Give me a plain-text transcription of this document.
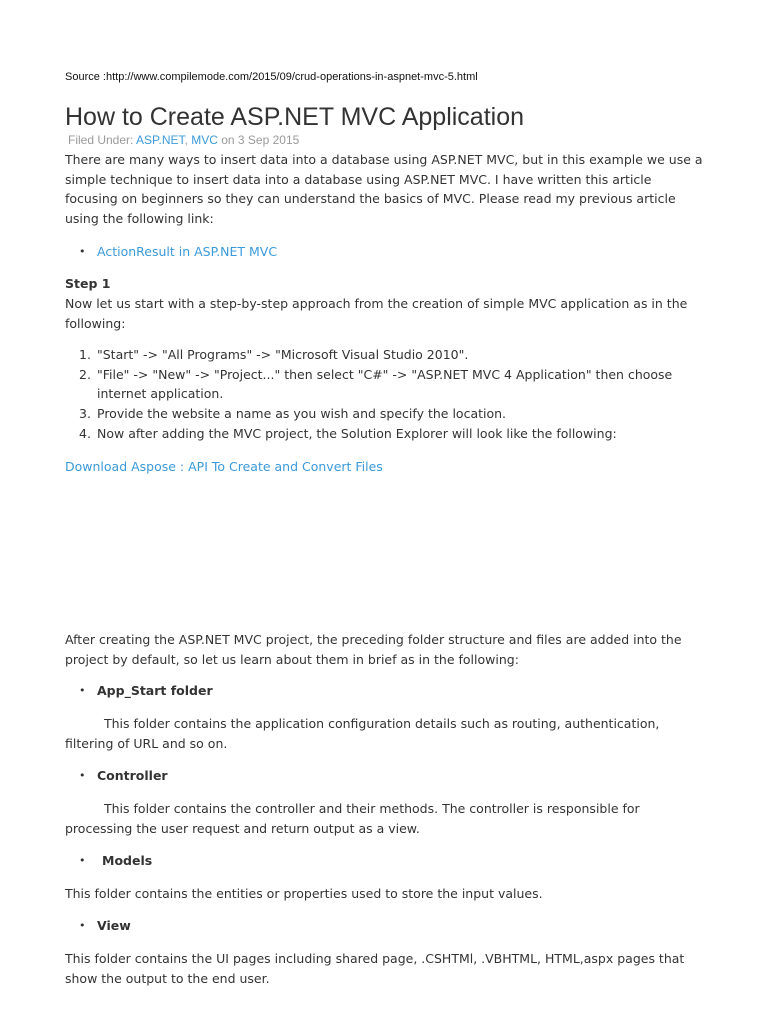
Source :http://www.compilemode.com/2015/09/crud-operations-in-aspnet-mvc-5.html
How to Create ASP.NET MVC Application
Filed Under: ASP.NET, MVC on 3 Sep 2015

There are many ways to insert data into a database using ASP.NET MVC, but in this example we use a simple technique to insert data into a database using ASP.NET MVC. I have written this article focusing on beginners so they can understand the basics of MVC. Please read my previous article using the following link:

• ActionResult in ASP.NET MVC
Step 1

Now let us start with a step-by-step approach from the creation of simple MVC application as in the following:

1. "Start" -> "All Programs" -> "Microsoft Visual Studio 2010".
2. "File" -> "New" -> "Project..." then select "C#" -> "ASP.NET MVC 4 Application" then choose internet application.
3. Provide the website a name as you wish and specify the location.
4. Now after adding the MVC project, the Solution Explorer will look like the following:
Download Aspose : API To Create and Convert Files

After creating the ASP.NET MVC project, the preceding folder structure and files are added into the project by default, so let us learn about them in brief as in the following:

• App_Start folder

This folder contains the application configuration details such as routing, authentication, filtering of URL and so on.

• Controller

This folder contains the controller and their methods. The controller is responsible for processing the user request and return output as a view.

• Models

This folder contains the entities or properties used to store the input values.

• View

This folder contains the UI pages including shared page, .CSHTMl, .VBHTML, HTML,aspx pages that show the output to the end user.
